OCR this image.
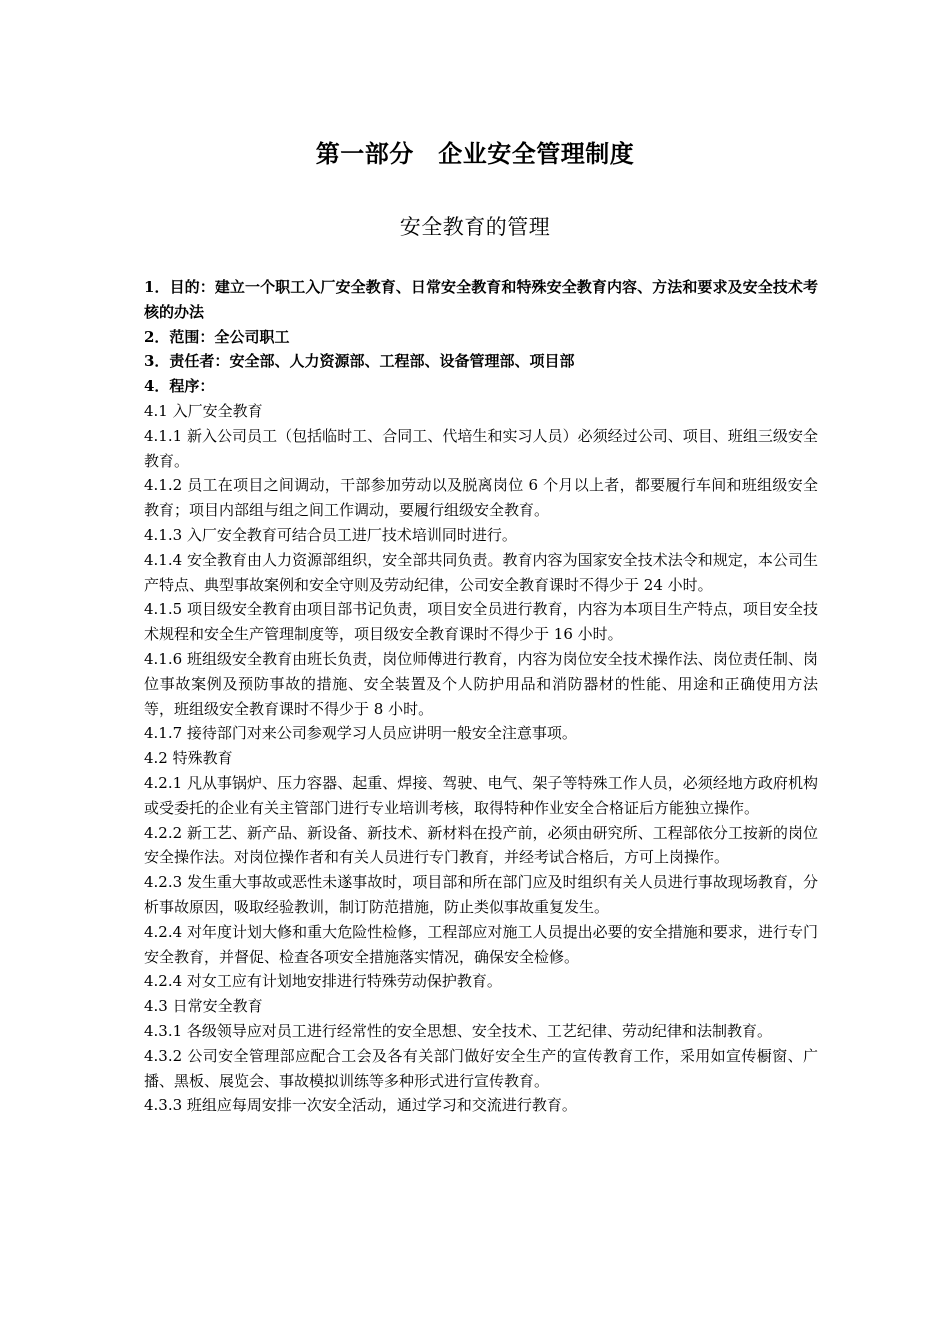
第一部分　企业安全管理制度
安全教育的管理

1．目的：建立一个职工入厂安全教育、日常安全教育和特殊安全教育内容、方法和要求及安全技术考核的办法

2．范围：全公司职工

3．责任者：安全部、人力资源部、工程部、设备管理部、项目部

4．程序：

4.1 入厂安全教育

4.1.1 新入公司员工（包括临时工、合同工、代培生和实习人员）必须经过公司、项目、班组三级安全教育。

4.1.2 员工在项目之间调动，干部参加劳动以及脱离岗位 6 个月以上者，都要履行车间和班组级安全教育；项目内部组与组之间工作调动，要履行组级安全教育。

4.1.3 入厂安全教育可结合员工进厂技术培训同时进行。

4.1.4 安全教育由人力资源部组织，安全部共同负责。教育内容为国家安全技术法令和规定，本公司生产特点、典型事故案例和安全守则及劳动纪律，公司安全教育课时不得少于 24 小时。

4.1.5 项目级安全教育由项目部书记负责，项目安全员进行教育，内容为本项目生产特点，项目安全技术规程和安全生产管理制度等，项目级安全教育课时不得少于 16 小时。

4.1.6 班组级安全教育由班长负责，岗位师傅进行教育，内容为岗位安全技术操作法、岗位责任制、岗位事故案例及预防事故的措施、安全装置及个人防护用品和消防器材的性能、用途和正确使用方法等，班组级安全教育课时不得少于 8 小时。

4.1.7 接待部门对来公司参观学习人员应讲明一般安全注意事项。

4.2 特殊教育

4.2.1 凡从事锅炉、压力容器、起重、焊接、驾驶、电气、架子等特殊工作人员，必须经地方政府机构或受委托的企业有关主管部门进行专业培训考核，取得特种作业安全合格证后方能独立操作。

4.2.2 新工艺、新产品、新设备、新技术、新材料在投产前，必须由研究所、工程部依分工按新的岗位安全操作法。对岗位操作者和有关人员进行专门教育，并经考试合格后，方可上岗操作。

4.2.3 发生重大事故或恶性未遂事故时，项目部和所在部门应及时组织有关人员进行事故现场教育，分析事故原因，吸取经验教训，制订防范措施，防止类似事故重复发生。

4.2.4 对年度计划大修和重大危险性检修，工程部应对施工人员提出必要的安全措施和要求，进行专门安全教育，并督促、检查各项安全措施落实情况，确保安全检修。

4.2.4 对女工应有计划地安排进行特殊劳动保护教育。

4.3 日常安全教育

4.3.1 各级领导应对员工进行经常性的安全思想、安全技术、工艺纪律、劳动纪律和法制教育。

4.3.2 公司安全管理部应配合工会及各有关部门做好安全生产的宣传教育工作，采用如宣传橱窗、广播、黑板、展览会、事故模拟训练等多种形式进行宣传教育。

4.3.3 班组应每周安排一次安全活动，通过学习和交流进行教育。
